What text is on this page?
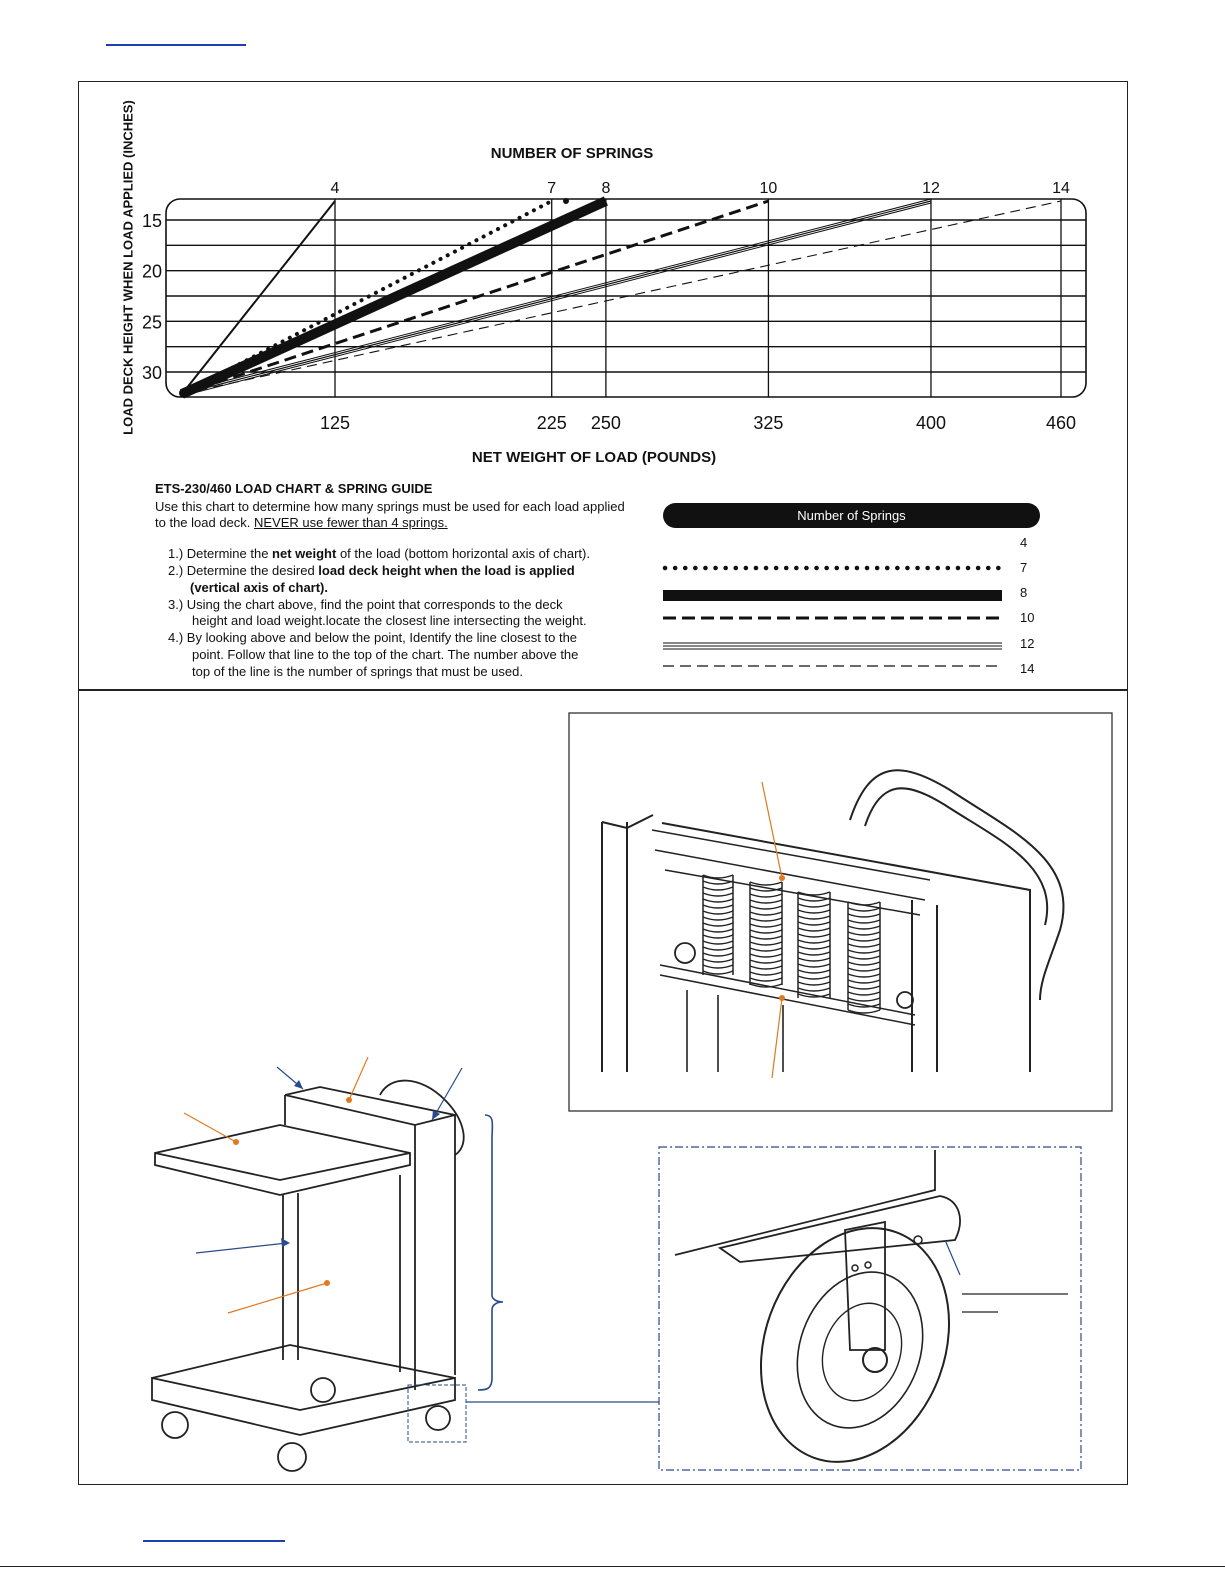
15
20
25
30
125
4
225
7
250
8
325
10
400
12
460
14
NUMBER OF SPRINGS
NET WEIGHT OF LOAD (POUNDS)
LOAD DECK HEIGHT WHEN LOAD APPLIED (INCHES)
ETS-230/460 LOAD CHART & SPRING GUIDE
Use this chart to determine how many springs must be used for each load applied to the load deck. NEVER use fewer than 4 springs.
1.) Determine the net weight of the load (bottom horizontal axis of chart).
2.) Determine the desired load deck height when the load is applied
(vertical axis of chart).
3.) Using the chart above, find the point that corresponds to the deck
height and load weight.locate the closest line intersecting the weight.
4.) By looking above and below the point, Identify the line closest to the
point. Follow that line to the top of the chart. The number above the
top of the line is the number of springs that must be used.
Number of Springs
4
7
8
10
12
14
